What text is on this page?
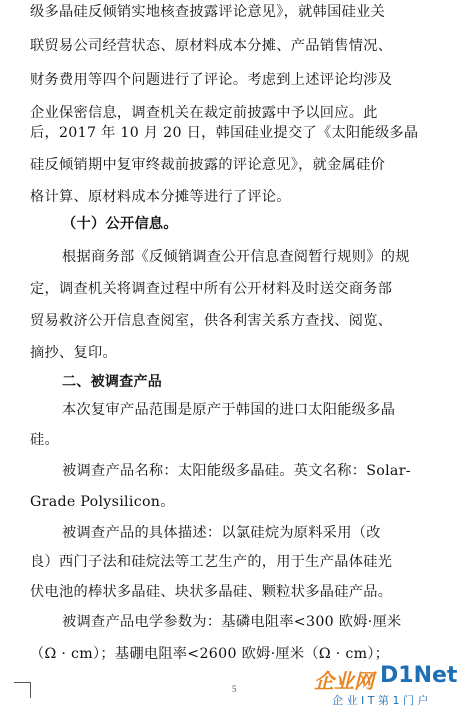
级多晶硅反倾销实地核查披露评论意见》，就韩国硅业关
联贸易公司经营状态、原材料成本分摊、产品销售情况、
财务费用等四个问题进行了评论。考虑到上述评论均涉及
企业保密信息，调查机关在裁定前披露中予以回应。此
后，2017 年 10 月 20 日，韩国硅业提交了《太阳能级多晶
硅反倾销期中复审终裁前披露的评论意见》，就金属硅价
格计算、原材料成本分摊等进行了评论。
（十）公开信息。
根据商务部《反倾销调查公开信息查阅暂行规则》的规
定，调查机关将调查过程中所有公开材料及时送交商务部
贸易救济公开信息查阅室，供各利害关系方查找、阅览、
摘抄、复印。
二、被调查产品
本次复审产品范围是原产于韩国的进口太阳能级多晶
硅。
被调查产品名称：太阳能级多晶硅。英文名称：Solar-
Grade Polysilicon。
被调查产品的具体描述：以氯硅烷为原料采用（改
良）西门子法和硅烷法等工艺生产的，用于生产晶体硅光
伏电池的棒状多晶硅、块状多晶硅、颗粒状多晶硅产品。
被调查产品电学参数为：基磷电阻率<300 欧姆·厘米
（Ω · cm）；基硼电阻率<2600 欧姆·厘米（Ω · cm）；
5	企业网 D1Net
企 业 I T 第 1 门 户
